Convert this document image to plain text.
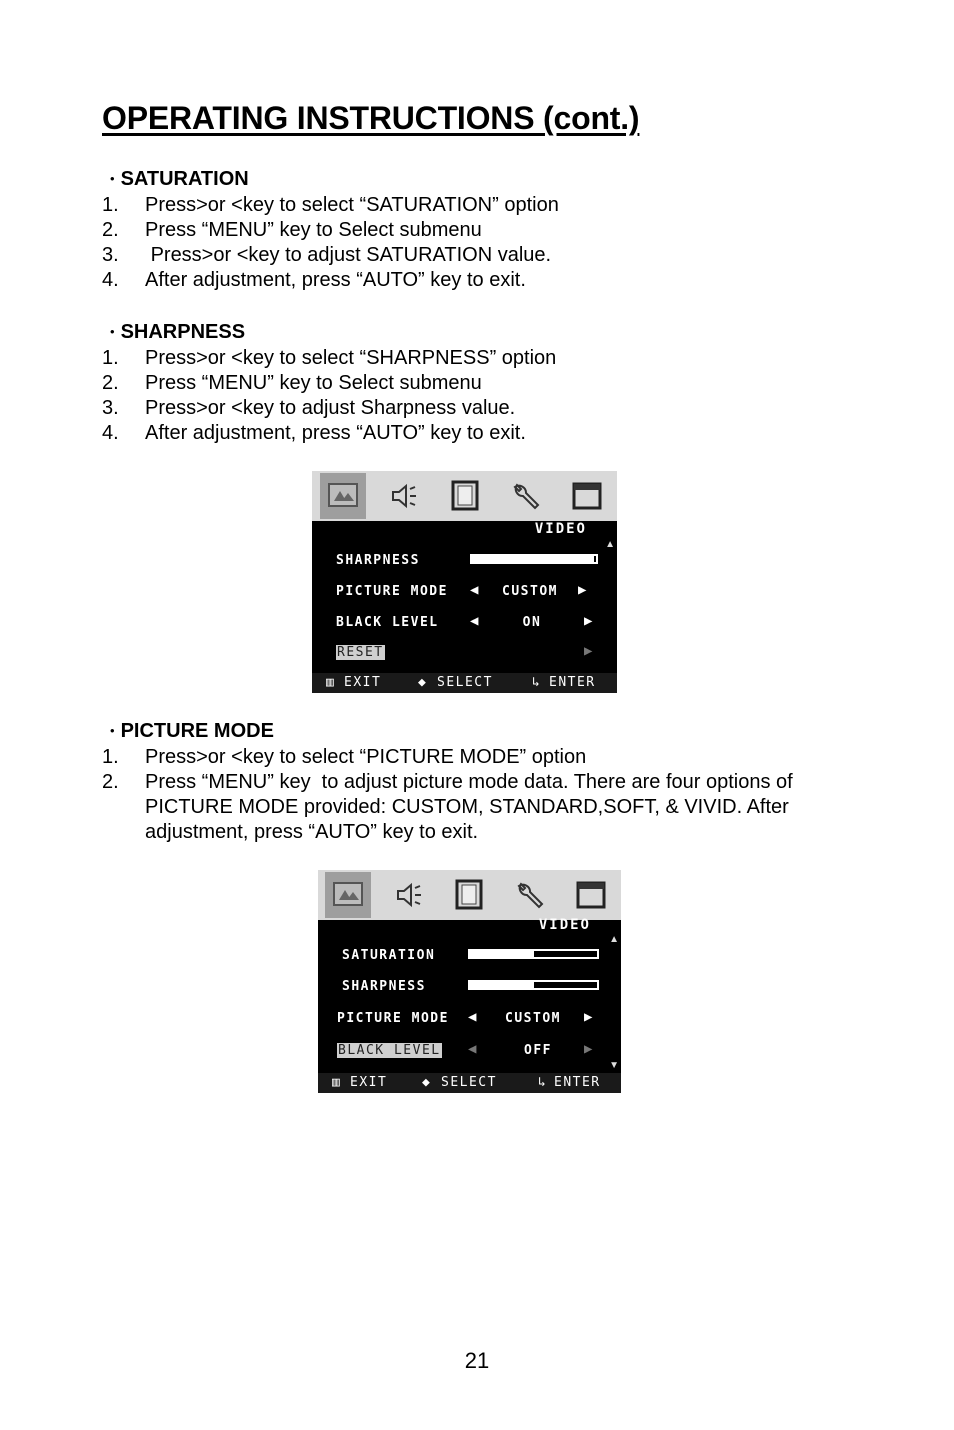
OPERATING INSTRUCTIONS (cont.)
• SATURATION
1.	Press>or <key to select “SATURATION” option
2.	Press “MENU” key to Select submenu
3.	Press>or <key to adjust SATURATION value.
4.	After adjustment, press “AUTO” key to exit.
• SHARPNESS
1.	Press>or <key to select “SHARPNESS” option
2.	Press “MENU” key to Select submenu
3.	Press>or <key to adjust Sharpness value.
4.	After adjustment, press “AUTO” key to exit.
VIDEO
▲
SHARPNESS
PICTURE MODE ◀	CUSTOM	▶
BLACK LEVEL ◀	ON	▶
RESET	▶
▥ EXIT	◆ SELECT	↳ ENTER
• PICTURE MODE
1.	Press>or <key to select “PICTURE MODE” option
2.	Press “MENU” key  to adjust picture mode data. There are four options of PICTURE MODE provided: CUSTOM, STANDARD,SOFT, & VIVID. After adjustment, press “AUTO” key to exit.
VIDEO
▲
SATURATION
SHARPNESS
PICTURE MODE ◀	CUSTOM	▶
BLACK LEVEL ◀	OFF	▶
▼
▥ EXIT	◆ SELECT	↳ ENTER
21
